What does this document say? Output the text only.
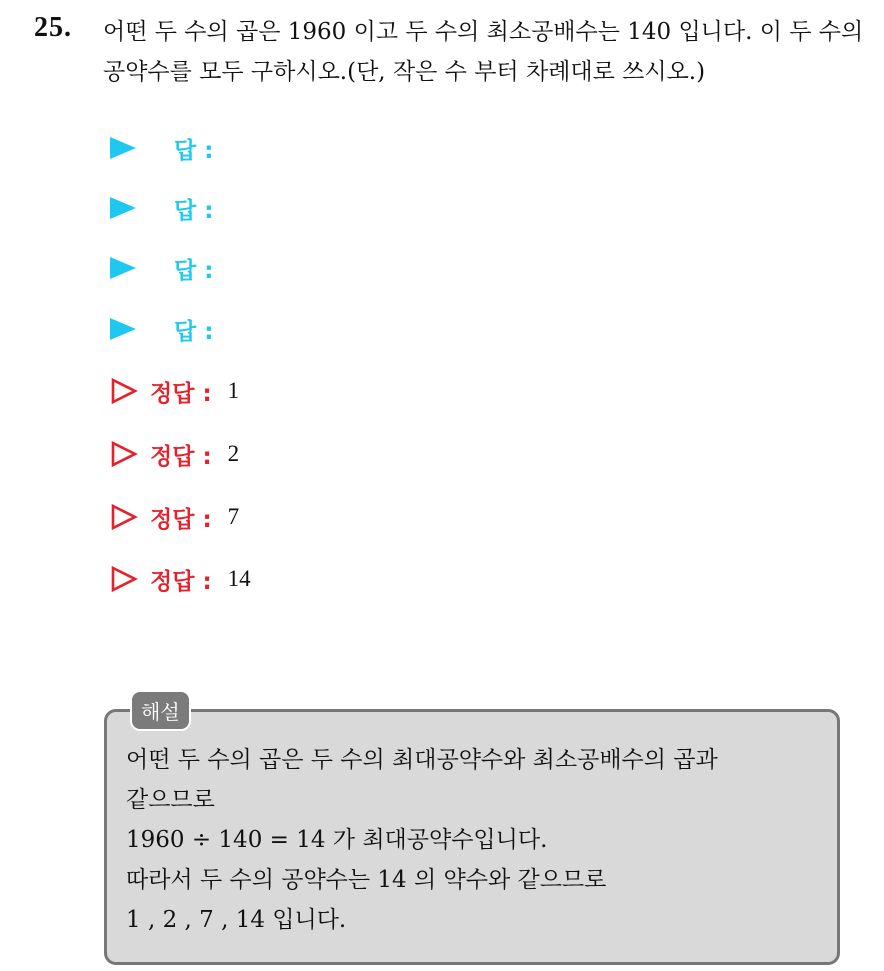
25. 어떤 두 수의 곱은 1960 이고 두 수의 최소공배수는 140 입니다. 이 두 수의 공약수를 모두 구하시오.(단, 작은 수 부터 차례대로 쓰시오.)
답 :
답 :
답 :
답 :
정답 : 1
정답 : 2
정답 : 7
정답 : 14
해설
어떤 두 수의 곱은 두 수의 최대공약수와 최소공배수의 곱과
같으므로
1960 ÷ 140 = 14 가 최대공약수입니다.
따라서 두 수의 공약수는 14 의 약수와 같으므로
1 , 2 , 7 , 14 입니다.
